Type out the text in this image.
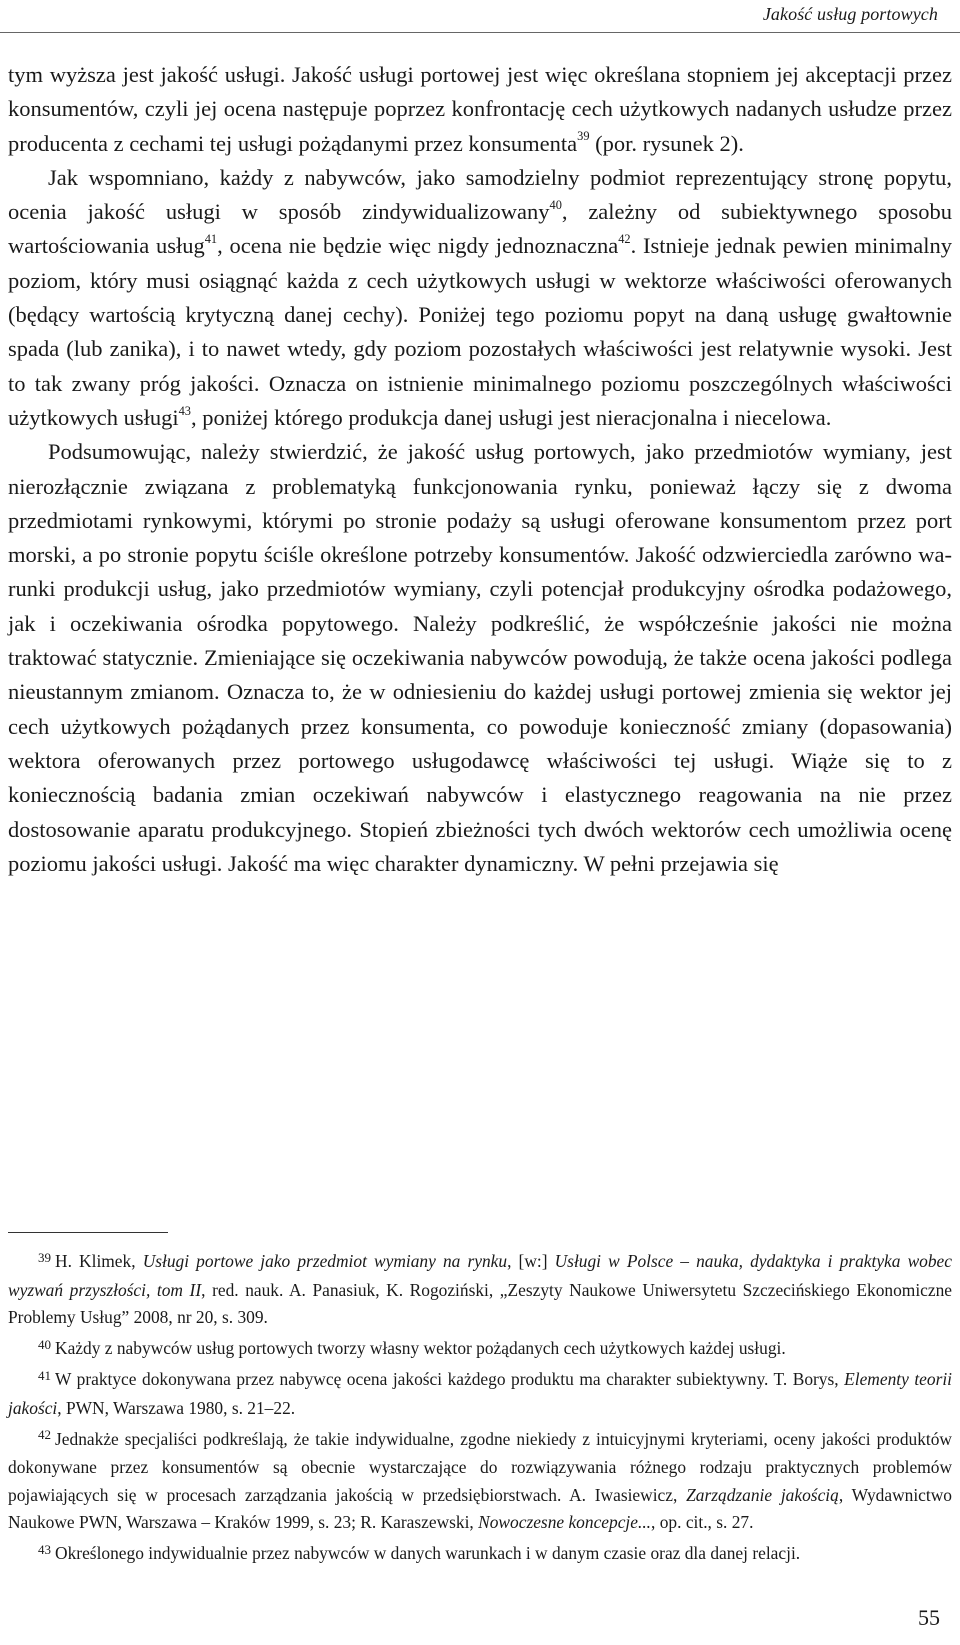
Jakość usług portowych

tym wyższa jest jakość usługi. Jakość usługi portowej jest więc określana stopniem jej akceptacji przez konsumentów, czyli jej ocena następuje poprzez konfrontację cech użytkowych nadanych usłudze przez producenta z cechami tej usługi pożądanymi przez konsumenta$^{39}$ (por. rysunek 2).

Jak wspomniano, każdy z nabywców, jako samodzielny podmiot reprezentujący stronę popytu, ocenia jakość usługi w sposób zindywidualizowany$^{40}$, zależny od subiektywnego sposobu wartościowania usług$^{41}$, ocena nie będzie więc nigdy jednoznaczna$^{42}$. Istnieje jednak pewien minimalny poziom, który musi osiągnąć każda z cech użytkowych usługi w wektorze właściwości oferowanych (będący wartością krytyczną danej cechy). Poniżej tego poziomu popyt na daną usługę gwałtownie spada (lub zanika), i to nawet wtedy, gdy poziom pozostałych właściwości jest relatywnie wysoki. Jest to tak zwany próg jakości. Oznacza on istnienie minimalnego poziomu poszczególnych właściwości użytkowych usługi$^{43}$, poniżej którego produkcja danej usługi jest nieracjonalna i niecelowa.

Podsumowując, należy stwierdzić, że jakość usług portowych, jako przedmiotów wymiany, jest nierozłącznie związana z problematyką funkcjonowania rynku, ponieważ łączy się z dwoma przedmiotami rynkowymi, którymi po stronie podaży są usługi oferowane konsumentom przez port morski, a po stronie popytu ściśle określone potrzeby konsumentów. Jakość odzwierciedla zarówno warunki produkcji usług, jako przedmiotów wymiany, czyli potencjał produkcyjny ośrodka podażowego, jak i oczekiwania ośrodka popytowego. Należy podkreślić, że współcześnie jakości nie można traktować statycznie. Zmieniające się oczekiwania nabywców powodują, że także ocena jakości podlega nieustannym zmianom. Oznacza to, że w odniesieniu do każdej usługi portowej zmienia się wektor jej cech użytkowych pożądanych przez konsumenta, co powoduje konieczność zmiany (dopasowania) wektora oferowanych przez portowego usługodawcę właściwości tej usługi. Wiąże się to z koniecznością badania zmian oczekiwań nabywców i elastycznego reagowania na nie przez dostosowanie aparatu produkcyjnego. Stopień zbieżności tych dwóch wektorów cech umożliwia ocenę poziomu jakości usługi. Jakość ma więc charakter dynamiczny. W pełni przejawia się

$^{39}$ H. Klimek, Usługi portowe jako przedmiot wymiany na rynku, [w:] Usługi w Polsce – nauka, dydaktyka i praktyka wobec wyzwań przyszłości, tom II, red. nauk. A. Panasiuk, K. Rogoziński, „Zeszyty Naukowe Uniwersytetu Szczecińskiego Ekonomiczne Problemy Usług” 2008, nr 20, s. 309.

$^{40}$ Każdy z nabywców usług portowych tworzy własny wektor pożądanych cech użytkowych każdej usługi.

$^{41}$ W praktyce dokonywana przez nabywcę ocena jakości każdego produktu ma charakter subiektywny. T. Borys, Elementy teorii jakości, PWN, Warszawa 1980, s. 21–22.

$^{42}$ Jednakże specjaliści podkreślają, że takie indywidualne, zgodne niekiedy z intuicyjnymi kryteriami, oceny jakości produktów dokonywane przez konsumentów są obecnie wystarczające do rozwiązywania różnego rodzaju praktycznych problemów pojawiających się w procesach zarządzania jakością w przedsiębiorstwach. A. Iwasiewicz, Zarządzanie jakością, Wydawnictwo Naukowe PWN, Warszawa – Kraków 1999, s. 23; R. Karaszewski, Nowoczesne koncepcje..., op. cit., s. 27.

$^{43}$ Określonego indywidualnie przez nabywców w danych warunkach i w danym czasie oraz dla danej relacji.

55
